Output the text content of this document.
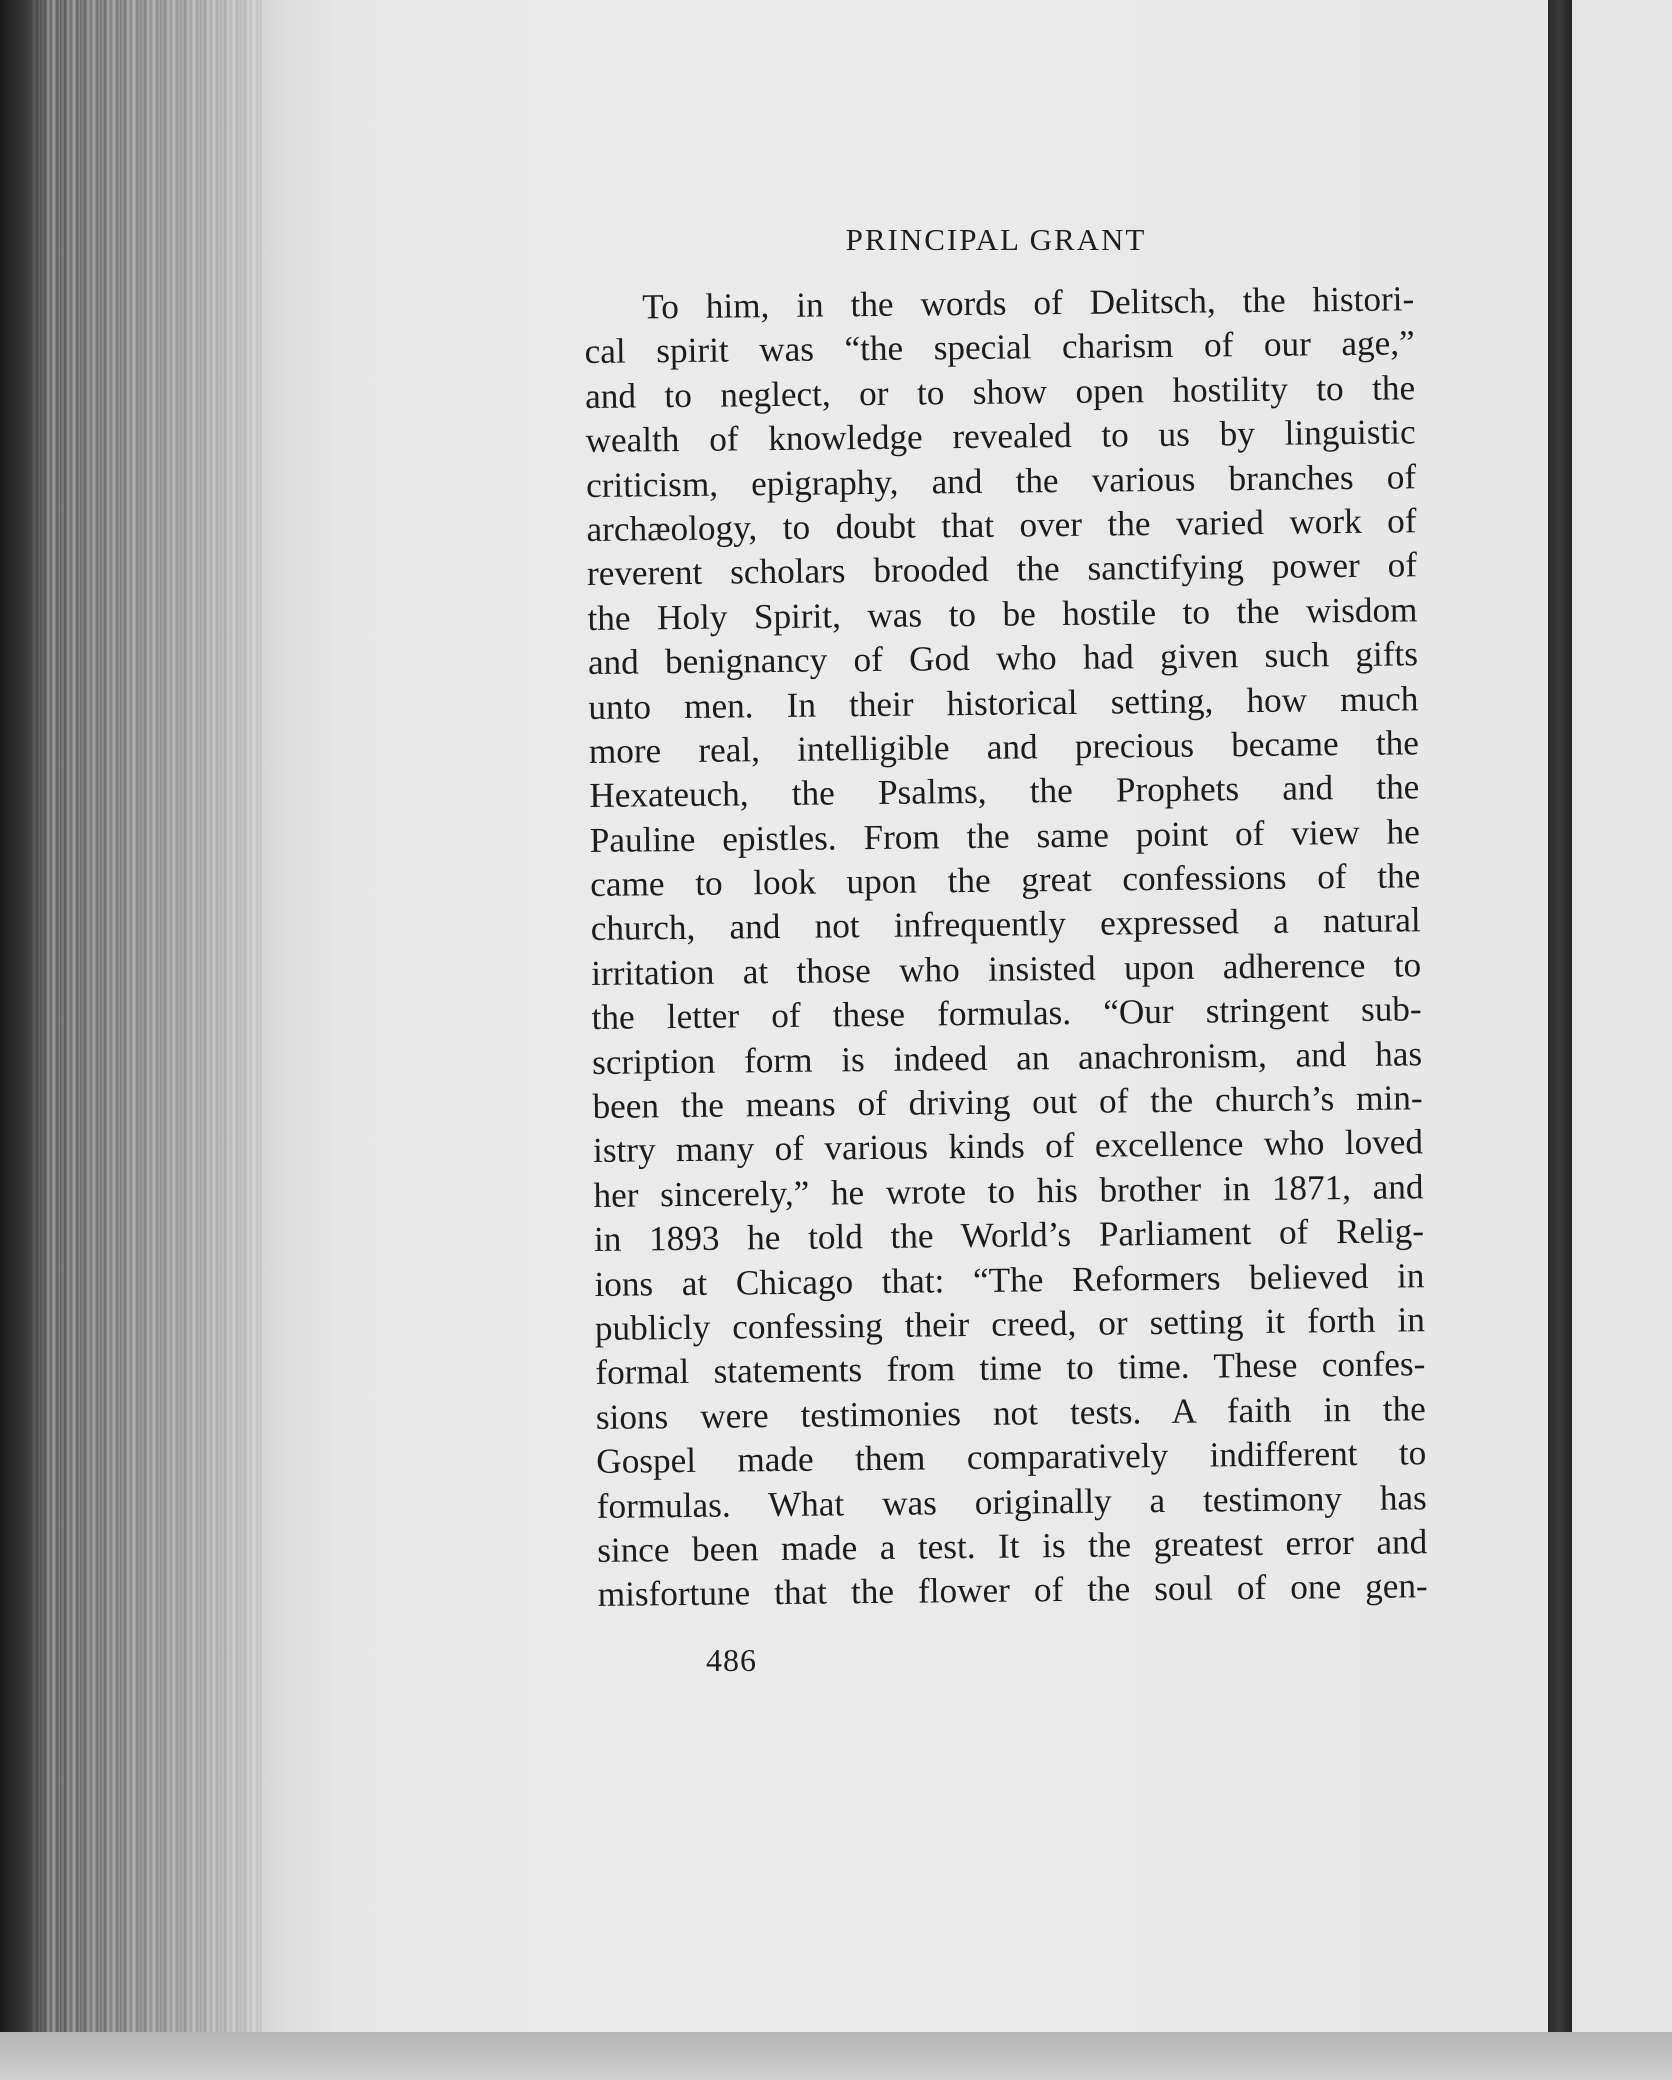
PRINCIPAL GRANT
To him, in the words of Delitsch, the histori-
cal spirit was “the special charism of our age,”
and to neglect, or to show open hostility to the
wealth of knowledge revealed to us by linguistic
criticism, epigraphy, and the various branches of
archæology, to doubt that over the varied work of
reverent scholars brooded the sanctifying power of
the Holy Spirit, was to be hostile to the wisdom
and benignancy of God who had given such gifts
unto men. In their historical setting, how much
more real, intelligible and precious became the
Hexateuch, the Psalms, the Prophets and the
Pauline epistles. From the same point of view he
came to look upon the great confessions of the
church, and not infrequently expressed a natural
irritation at those who insisted upon adherence to
the letter of these formulas. “Our stringent sub-
scription form is indeed an anachronism, and has
been the means of driving out of the church’s min-
istry many of various kinds of excellence who loved
her sincerely,” he wrote to his brother in 1871, and
in 1893 he told the World’s Parliament of Relig-
ions at Chicago that: “The Reformers believed in
publicly confessing their creed, or setting it forth in
formal statements from time to time. These confes-
sions were testimonies not tests. A faith in the
Gospel made them comparatively indifferent to
formulas. What was originally a testimony has
since been made a test. It is the greatest error and
misfortune that the flower of the soul of one gen-
486
